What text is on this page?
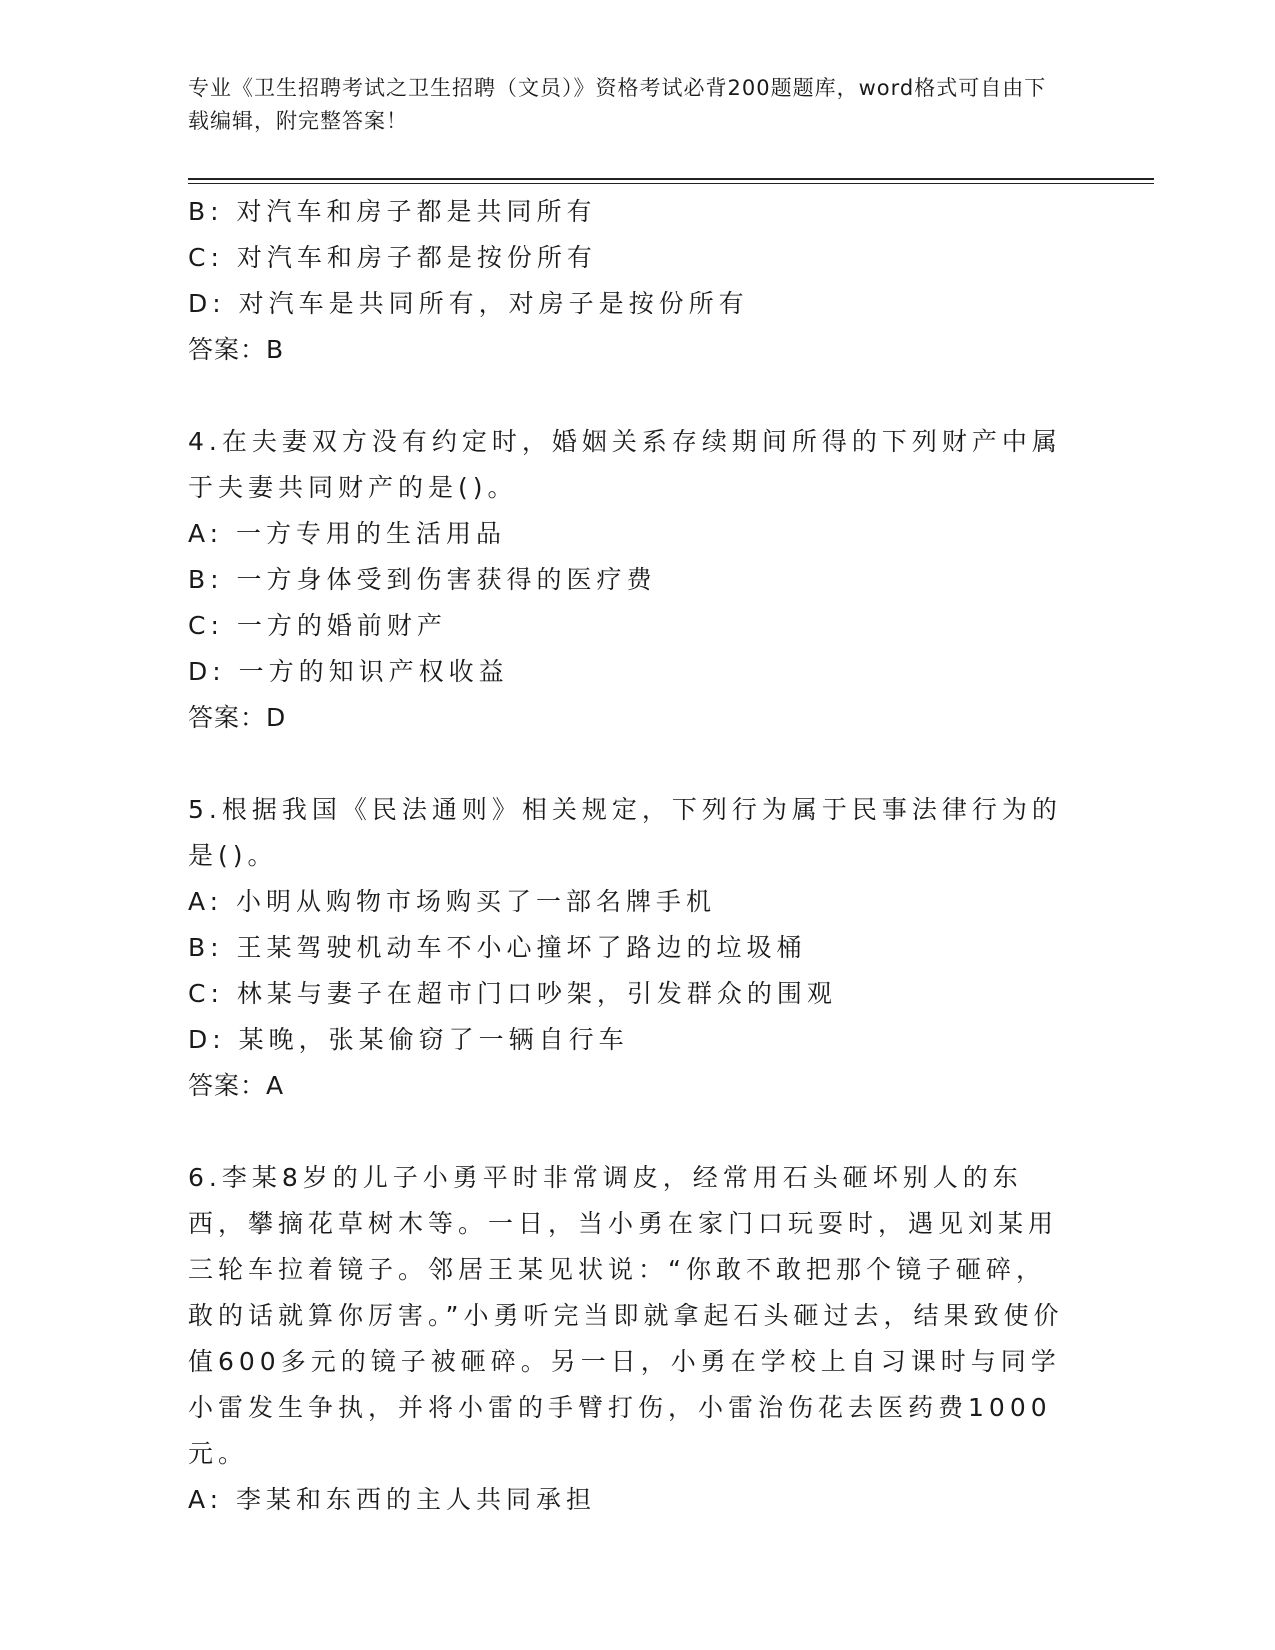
专业《卫生招聘考试之卫生招聘（文员）》资格考试必背200题题库，word格式可自由下载编辑，附完整答案！
B: 对汽车和房子都是共同所有
C: 对汽车和房子都是按份所有
D: 对汽车是共同所有，对房子是按份所有
答案：B
4.在夫妻双方没有约定时，婚姻关系存续期间所得的下列财产中属于夫妻共同财产的是()。
A: 一方专用的生活用品
B: 一方身体受到伤害获得的医疗费
C: 一方的婚前财产
D: 一方的知识产权收益
答案：D
5.根据我国《民法通则》相关规定，下列行为属于民事法律行为的是()。
A: 小明从购物市场购买了一部名牌手机
B: 王某驾驶机动车不小心撞坏了路边的垃圾桶
C: 林某与妻子在超市门口吵架，引发群众的围观
D: 某晚，张某偷窃了一辆自行车
答案：A
6.李某8岁的儿子小勇平时非常调皮，经常用石头砸坏别人的东西，攀摘花草树木等。一日，当小勇在家门口玩耍时，遇见刘某用三轮车拉着镜子。邻居王某见状说：“你敢不敢把那个镜子砸碎，敢的话就算你厉害。”小勇听完当即就拿起石头砸过去，结果致使价值600多元的镜子被砸碎。另一日，小勇在学校上自习课时与同学小雷发生争执，并将小雷的手臂打伤，小雷治伤花去医药费1000元。
A: 李某和东西的主人共同承担
